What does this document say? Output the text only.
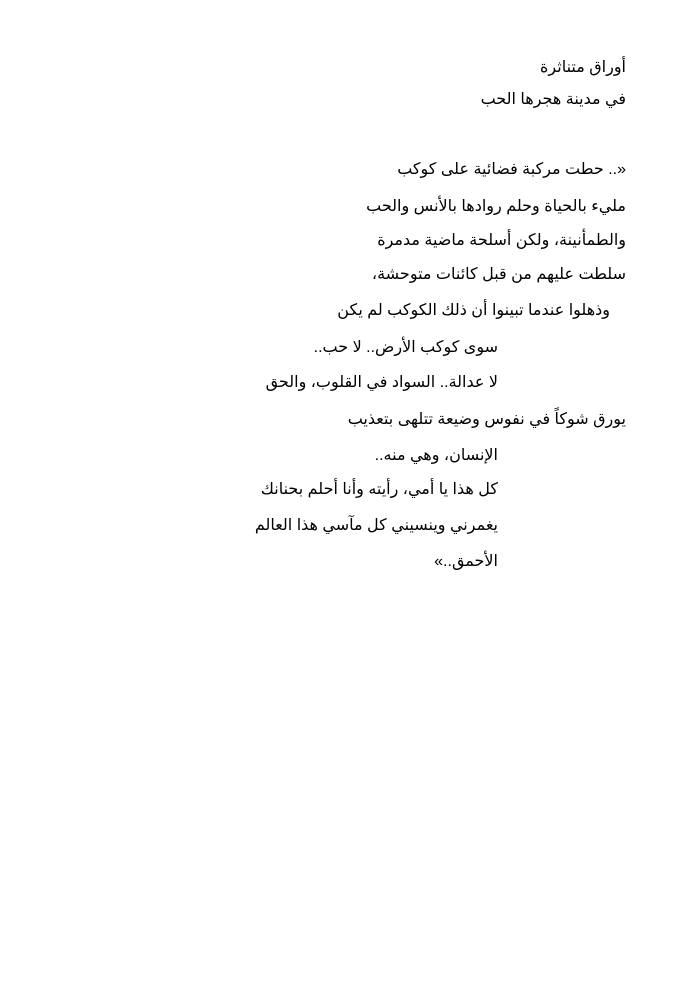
أوراق متناثرة
في مدينة هجرها الحب
«.. حطت مركبة فضائية على كوكب
مليء بالحياة وحلم روادها بالأنس والحب
والطمأنينة، ولكن أسلحة ماضية مدمرة
سلطت عليهم من قبل كائنات متوحشة،
وذهلوا عندما تبينوا أن ذلك الكوكب لم يكن
سوى كوكب الأرض.. لا حب..
لا عدالة.. السواد في القلوب، والحق
يورق شوكاً في نفوس وضيعة تتلهى بتعذيب
الإنسان، وهي منه..
كل هذا يا أمي، رأيته وأنا أحلم بحنانك
يغمرني وينسيني كل مآسي هذا العالم
الأحمق..»
